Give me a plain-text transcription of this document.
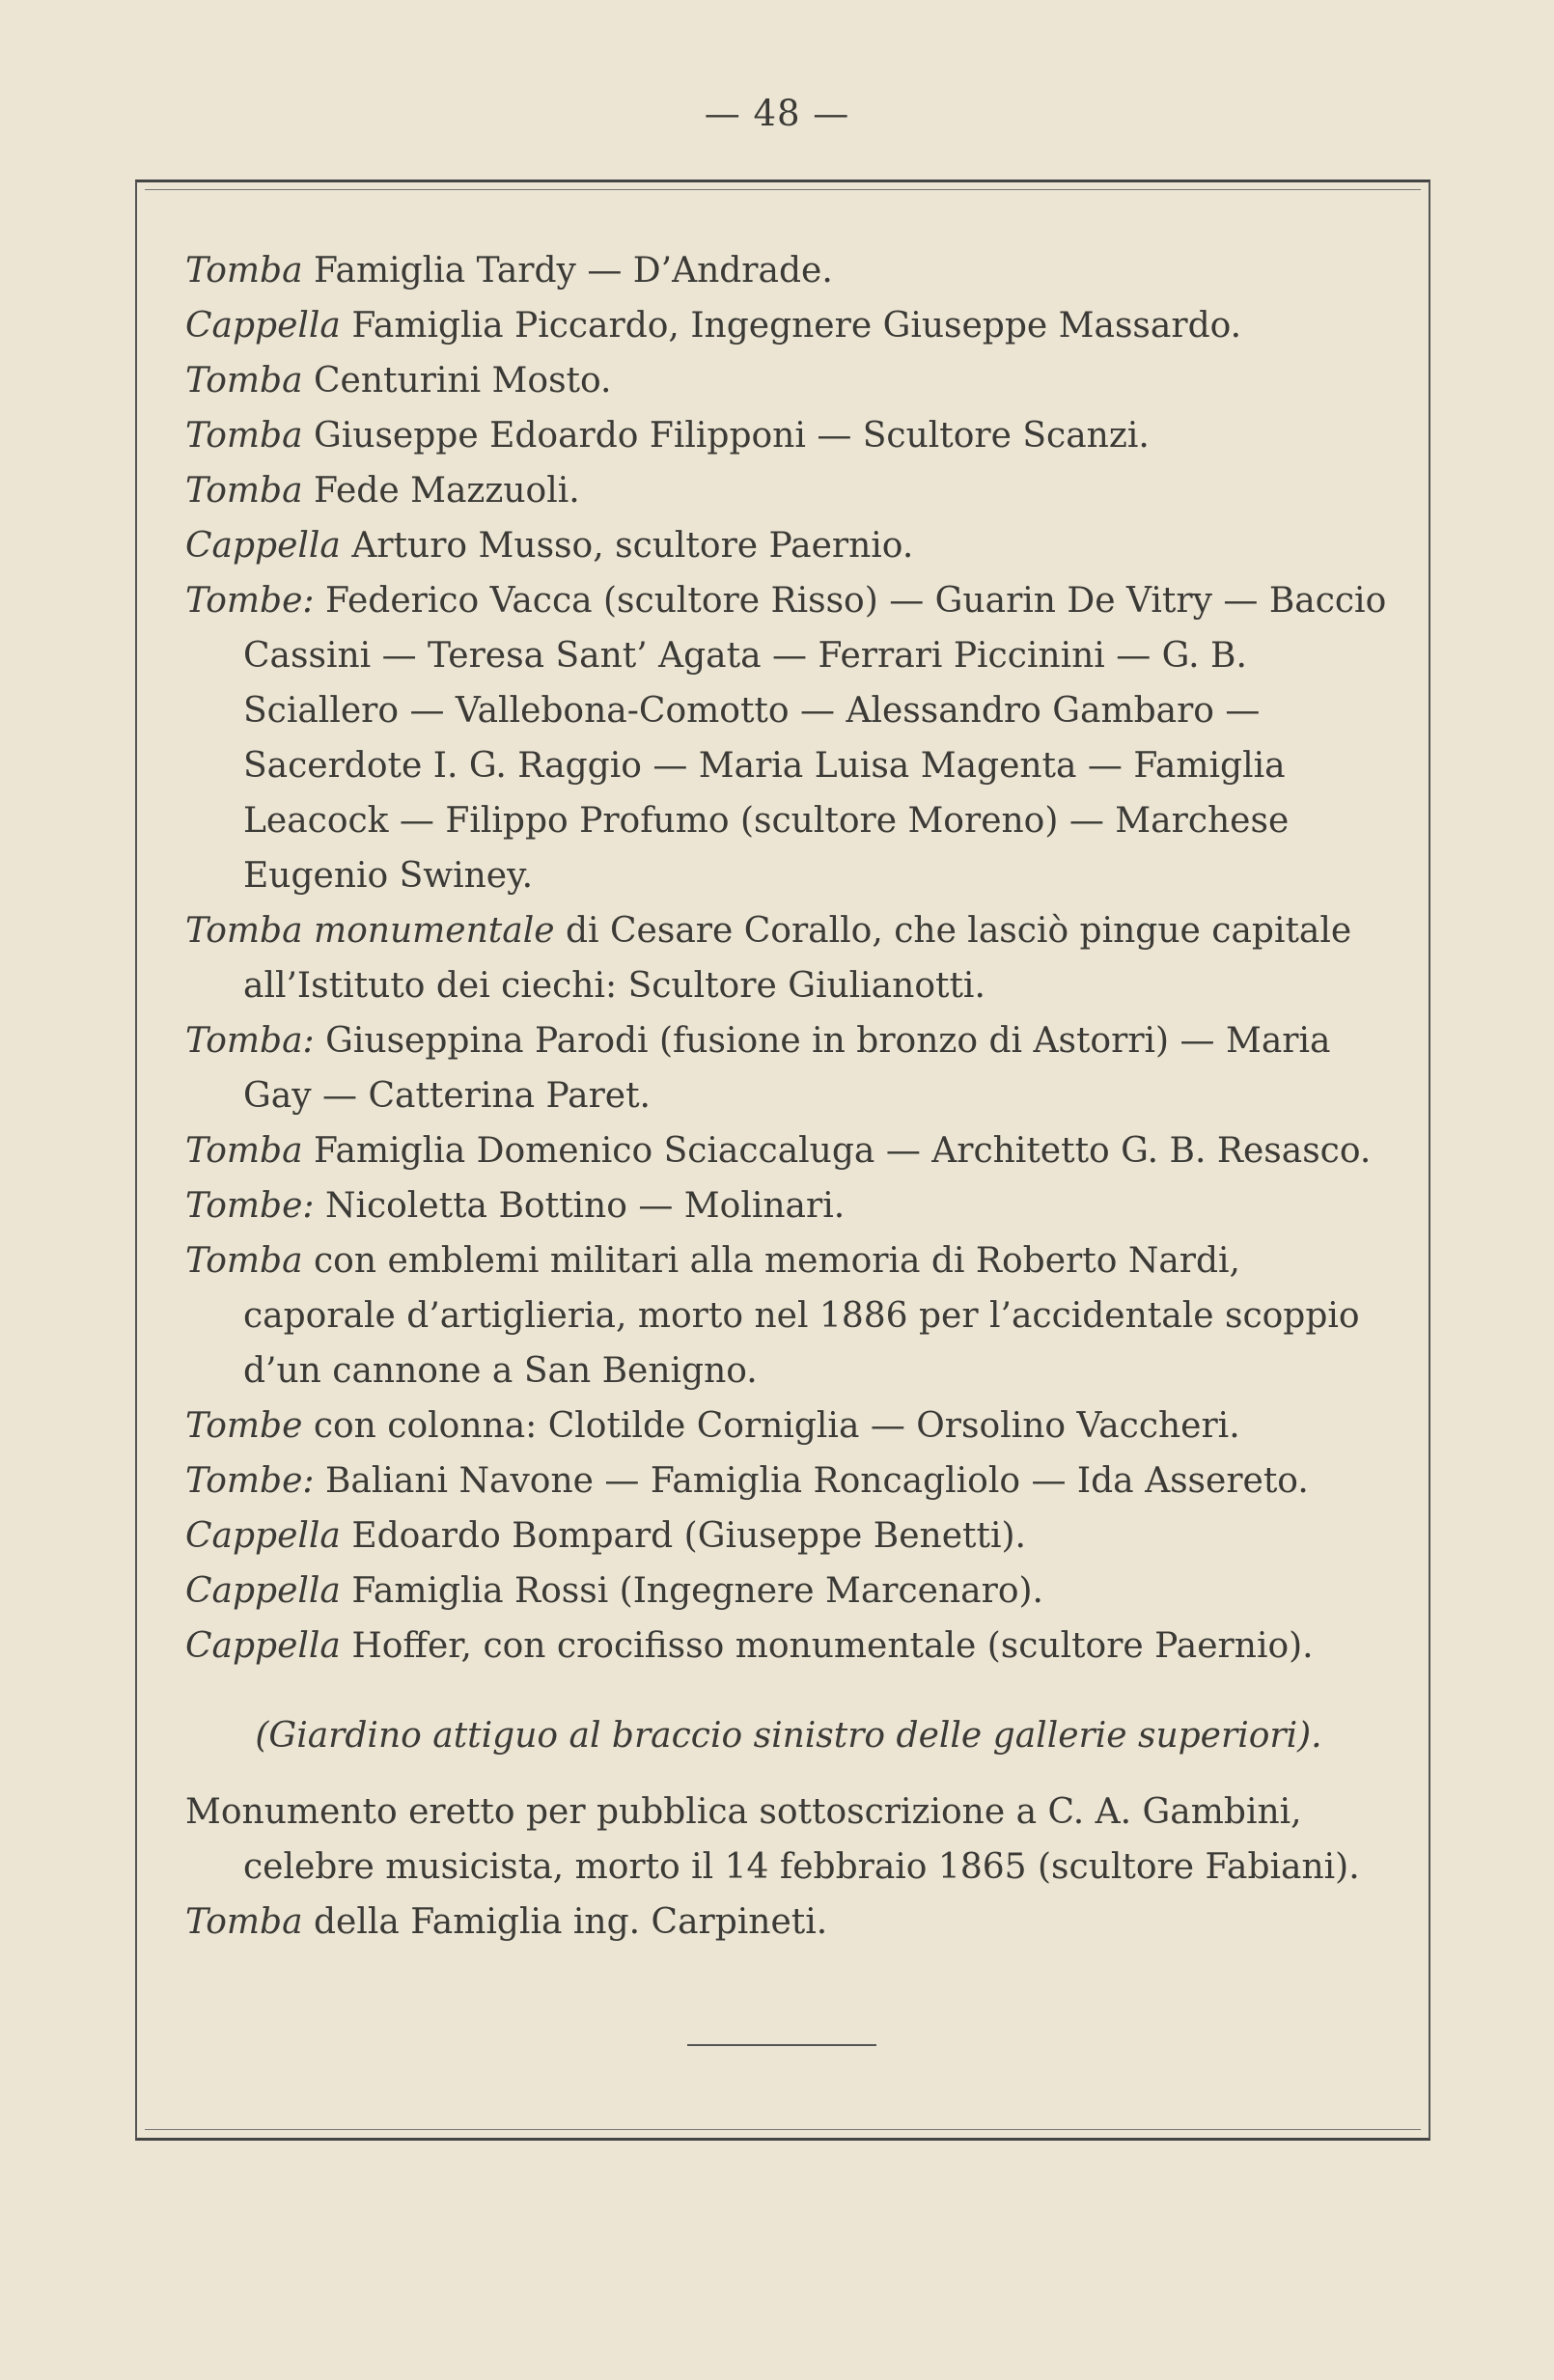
— 48 —
Tomba Famiglia Tardy — D’Andrade.
Cappella Famiglia Piccardo, Ingegnere Giuseppe Massardo.
Tomba Centurini Mosto.
Tomba Giuseppe Edoardo Filipponi — Scultore Scanzi.
Tomba Fede Mazzuoli.
Cappella Arturo Musso, scultore Paernio.
Tombe: Federico Vacca (scultore Risso) — Guarin De Vitry — Baccio Cassini — Teresa Sant’ Agata — Ferrari Piccinini — G. B. Sciallero — Vallebona-Comotto — Alessandro Gambaro — Sacerdote I. G. Raggio — Maria Luisa Magenta — Famiglia Leacock — Filippo Profumo (scultore Moreno) — Marchese Eugenio Swiney.
Tomba monumentale di Cesare Corallo, che lasciò pingue capitale all’Istituto dei ciechi: Scultore Giulianotti.
Tomba: Giuseppina Parodi (fusione in bronzo di Astorri) — Maria Gay — Catterina Paret.
Tomba Famiglia Domenico Sciaccaluga — Architetto G. B. Resasco.
Tombe: Nicoletta Bottino — Molinari.
Tomba con emblemi militari alla memoria di Roberto Nardi, caporale d’artiglieria, morto nel 1886 per l’accidentale scoppio d’un cannone a San Benigno.
Tombe con colonna: Clotilde Corniglia — Orsolino Vaccheri.
Tombe: Baliani Navone — Famiglia Roncagliolo — Ida Assereto.
Cappella Edoardo Bompard (Giuseppe Benetti).
Cappella Famiglia Rossi (Ingegnere Marcenaro).
Cappella Hoffer, con crocifisso monumentale (scultore Paernio).
(Giardino attiguo al braccio sinistro delle gallerie superiori).
Monumento eretto per pubblica sottoscrizione a C. A. Gambini, celebre musicista, morto il 14 febbraio 1865 (scultore Fabiani).
Tomba della Famiglia ing. Carpineti.
